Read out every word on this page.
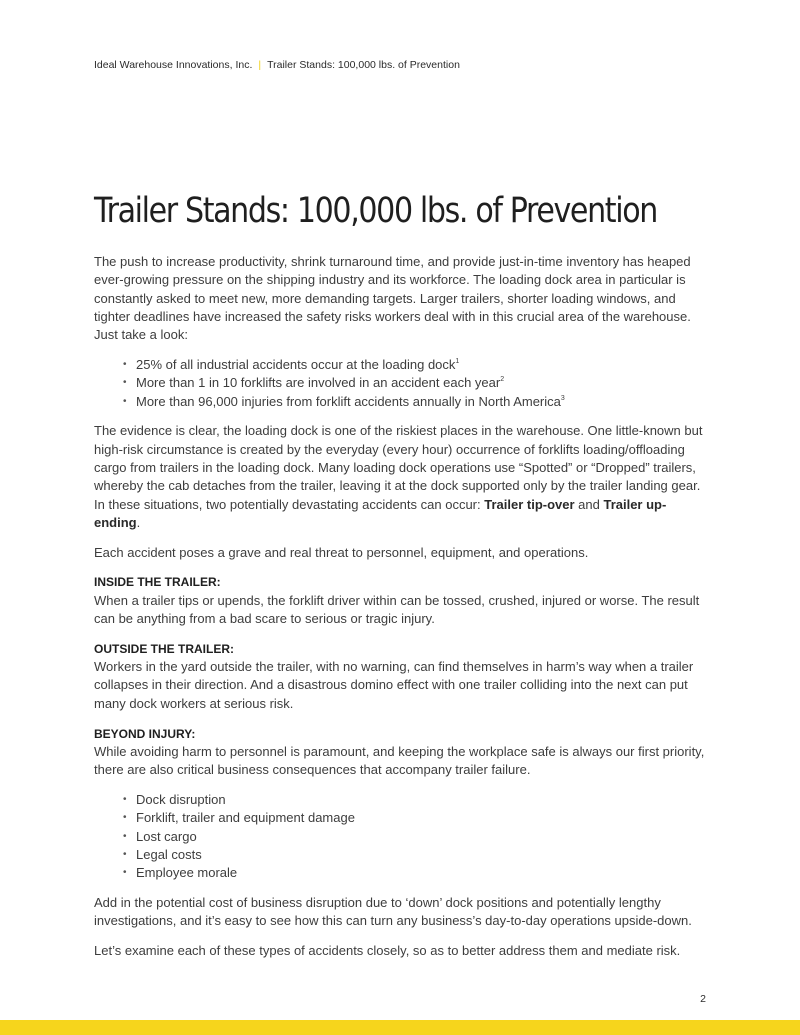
Ideal Warehouse Innovations, Inc. | Trailer Stands: 100,000 lbs. of Prevention
Trailer Stands: 100,000 lbs. of Prevention

The push to increase productivity, shrink turnaround time, and provide just-in-time inventory has heaped ever-growing pressure on the shipping industry and its workforce. The loading dock area in particular is constantly asked to meet new, more demanding targets. Larger trailers, shorter loading windows, and tighter deadlines have increased the safety risks workers deal with in this crucial area of the warehouse. Just take a look:

• 25% of all industrial accidents occur at the loading dock$^1$
• More than 1 in 10 forklifts are involved in an accident each year$^2$
• More than 96,000 injuries from forklift accidents annually in North America$^3$

The evidence is clear, the loading dock is one of the riskiest places in the warehouse. One little-known but high-risk circumstance is created by the everyday (every hour) occurrence of forklifts loading/offloading cargo from trailers in the loading dock. Many loading dock operations use “Spotted” or “Dropped” trailers, whereby the cab detaches from the trailer, leaving it at the dock supported only by the trailer landing gear. In these situations, two potentially devastating accidents can occur: Trailer tip-over and Trailer up-ending.

Each accident poses a grave and real threat to personnel, equipment, and operations.

INSIDE THE TRAILER:
When a trailer tips or upends, the forklift driver within can be tossed, crushed, injured or worse. The result can be anything from a bad scare to serious or tragic injury.

OUTSIDE THE TRAILER:
Workers in the yard outside the trailer, with no warning, can find themselves in harm’s way when a trailer collapses in their direction. And a disastrous domino effect with one trailer colliding into the next can put many dock workers at serious risk.

BEYOND INJURY:
While avoiding harm to personnel is paramount, and keeping the workplace safe is always our first priority, there are also critical business consequences that accompany trailer failure.

• Dock disruption
• Forklift, trailer and equipment damage
• Lost cargo
• Legal costs
• Employee morale

Add in the potential cost of business disruption due to ‘down’ dock positions and potentially lengthy investigations, and it’s easy to see how this can turn any business’s day-to-day operations upside-down.

Let’s examine each of these types of accidents closely, so as to better address them and mediate risk.

2
